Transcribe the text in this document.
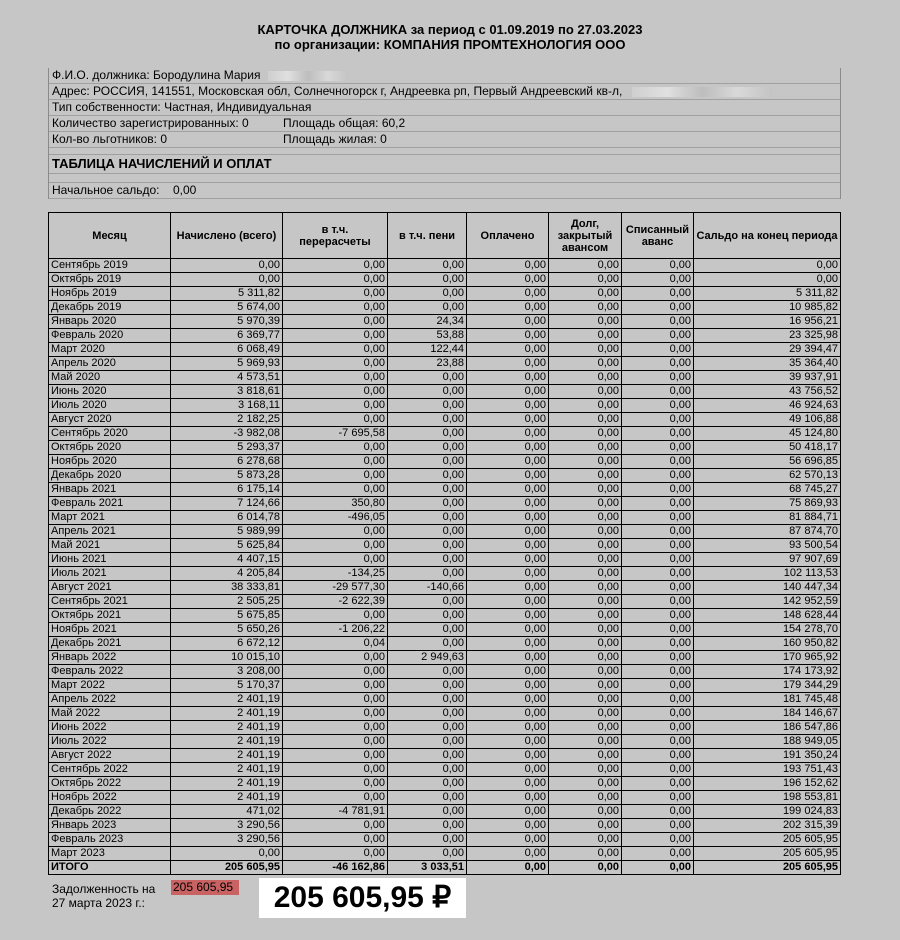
КАРТОЧКА ДОЛЖНИКА за период с 01.09.2019 по 27.03.2023
по организации: КОМПАНИЯ ПРОМТЕХНОЛОГИЯ ООО
Ф.И.О. должника: Бородулина Мария
Адрес: РОССИЯ, 141551, Московская обл, Солнечногорск г, Андреевка рп, Первый Андреевский кв-л,
Тип собственности: Частная, Индивидуальная
Количество зарегистрированных: 0	Площадь общая: 60,2
Кол-во льготников: 0	Площадь жилая: 0
ТАБЛИЦА НАЧИСЛЕНИЙ И ОПЛАТ
Начальное сальдо: 0,00
Месяц	Начислено (всего)	в т.ч. перерасчеты	в т.ч. пени	Оплачено	Долг, закрытый авансом	Списанный аванс	Сальдо на конец периода
Сентябрь 2019	0,00	0,00	0,00	0,00	0,00	0,00	0,00
Октябрь 2019	0,00	0,00	0,00	0,00	0,00	0,00	0,00
Ноябрь 2019	5 311,82	0,00	0,00	0,00	0,00	0,00	5 311,82
Декабрь 2019	5 674,00	0,00	0,00	0,00	0,00	0,00	10 985,82
Январь 2020	5 970,39	0,00	24,34	0,00	0,00	0,00	16 956,21
Февраль 2020	6 369,77	0,00	53,88	0,00	0,00	0,00	23 325,98
Март 2020	6 068,49	0,00	122,44	0,00	0,00	0,00	29 394,47
Апрель 2020	5 969,93	0,00	23,88	0,00	0,00	0,00	35 364,40
Май 2020	4 573,51	0,00	0,00	0,00	0,00	0,00	39 937,91
Июнь 2020	3 818,61	0,00	0,00	0,00	0,00	0,00	43 756,52
Июль 2020	3 168,11	0,00	0,00	0,00	0,00	0,00	46 924,63
Август 2020	2 182,25	0,00	0,00	0,00	0,00	0,00	49 106,88
Сентябрь 2020	-3 982,08	-7 695,58	0,00	0,00	0,00	0,00	45 124,80
Октябрь 2020	5 293,37	0,00	0,00	0,00	0,00	0,00	50 418,17
Ноябрь 2020	6 278,68	0,00	0,00	0,00	0,00	0,00	56 696,85
Декабрь 2020	5 873,28	0,00	0,00	0,00	0,00	0,00	62 570,13
Январь 2021	6 175,14	0,00	0,00	0,00	0,00	0,00	68 745,27
Февраль 2021	7 124,66	350,80	0,00	0,00	0,00	0,00	75 869,93
Март 2021	6 014,78	-496,05	0,00	0,00	0,00	0,00	81 884,71
Апрель 2021	5 989,99	0,00	0,00	0,00	0,00	0,00	87 874,70
Май 2021	5 625,84	0,00	0,00	0,00	0,00	0,00	93 500,54
Июнь 2021	4 407,15	0,00	0,00	0,00	0,00	0,00	97 907,69
Июль 2021	4 205,84	-134,25	0,00	0,00	0,00	0,00	102 113,53
Август 2021	38 333,81	-29 577,30	-140,66	0,00	0,00	0,00	140 447,34
Сентябрь 2021	2 505,25	-2 622,39	0,00	0,00	0,00	0,00	142 952,59
Октябрь 2021	5 675,85	0,00	0,00	0,00	0,00	0,00	148 628,44
Ноябрь 2021	5 650,26	-1 206,22	0,00	0,00	0,00	0,00	154 278,70
Декабрь 2021	6 672,12	0,04	0,00	0,00	0,00	0,00	160 950,82
Январь 2022	10 015,10	0,00	2 949,63	0,00	0,00	0,00	170 965,92
Февраль 2022	3 208,00	0,00	0,00	0,00	0,00	0,00	174 173,92
Март 2022	5 170,37	0,00	0,00	0,00	0,00	0,00	179 344,29
Апрель 2022	2 401,19	0,00	0,00	0,00	0,00	0,00	181 745,48
Май 2022	2 401,19	0,00	0,00	0,00	0,00	0,00	184 146,67
Июнь 2022	2 401,19	0,00	0,00	0,00	0,00	0,00	186 547,86
Июль 2022	2 401,19	0,00	0,00	0,00	0,00	0,00	188 949,05
Август 2022	2 401,19	0,00	0,00	0,00	0,00	0,00	191 350,24
Сентябрь 2022	2 401,19	0,00	0,00	0,00	0,00	0,00	193 751,43
Октябрь 2022	2 401,19	0,00	0,00	0,00	0,00	0,00	196 152,62
Ноябрь 2022	2 401,19	0,00	0,00	0,00	0,00	0,00	198 553,81
Декабрь 2022	471,02	-4 781,91	0,00	0,00	0,00	0,00	199 024,83
Январь 2023	3 290,56	0,00	0,00	0,00	0,00	0,00	202 315,39
Февраль 2023	3 290,56	0,00	0,00	0,00	0,00	0,00	205 605,95
Март 2023	0,00	0,00	0,00	0,00	0,00	0,00	205 605,95
ИТОГО	205 605,95	-46 162,86	3 033,51	0,00	0,00	0,00	205 605,95
Задолженность на
27 марта 2023 г.:
205 605,95	205 605,95 ₽
